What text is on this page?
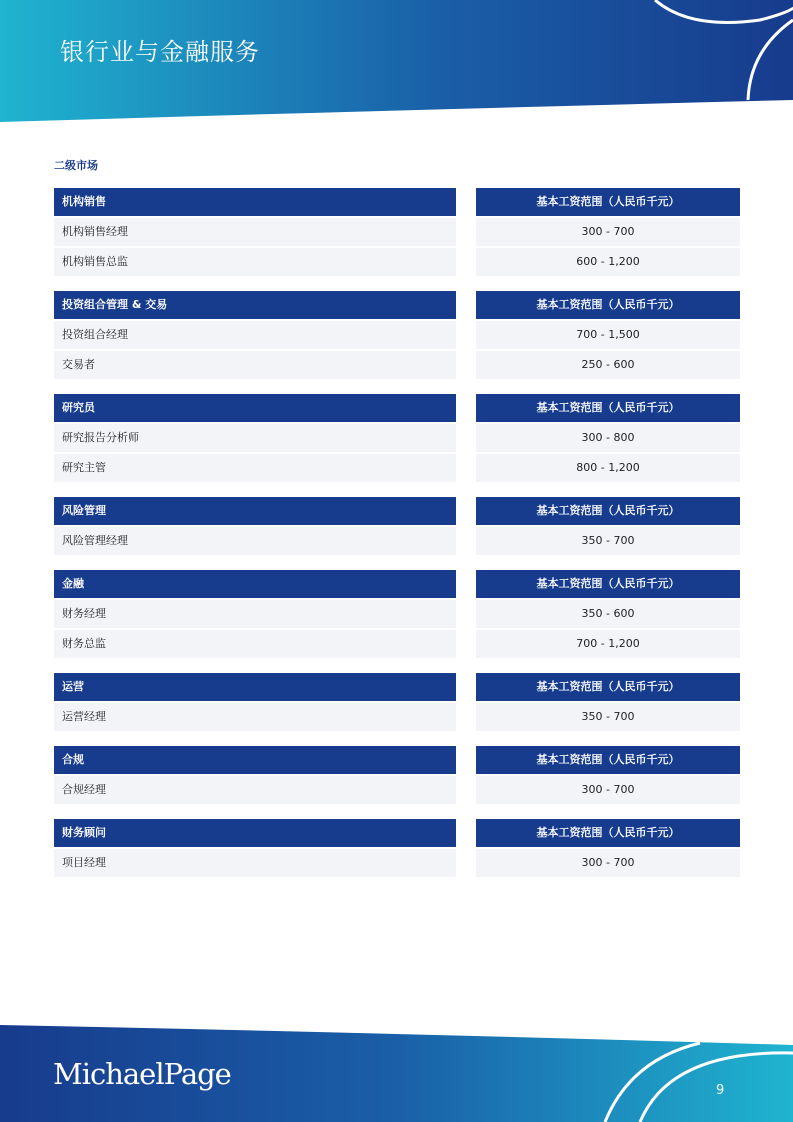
银行业与金融服务
二级市场
机构销售	基本工资范围（人民币千元）
机构销售经理	300 - 700
机构销售总监	600 - 1,200
投资组合管理 & 交易	基本工资范围（人民币千元）
投资组合经理	700 - 1,500
交易者	250 - 600
研究员	基本工资范围（人民币千元）
研究报告分析师	300 - 800
研究主管	800 - 1,200
风险管理	基本工资范围（人民币千元）
风险管理经理	350 - 700
金融	基本工资范围（人民币千元）
财务经理	350 - 600
财务总监	700 - 1,200
运营	基本工资范围（人民币千元）
运营经理	350 - 700
合规	基本工资范围（人民币千元）
合规经理	300 - 700
财务顾问	基本工资范围（人民币千元）
项目经理	300 - 700
MichaelPage	9
